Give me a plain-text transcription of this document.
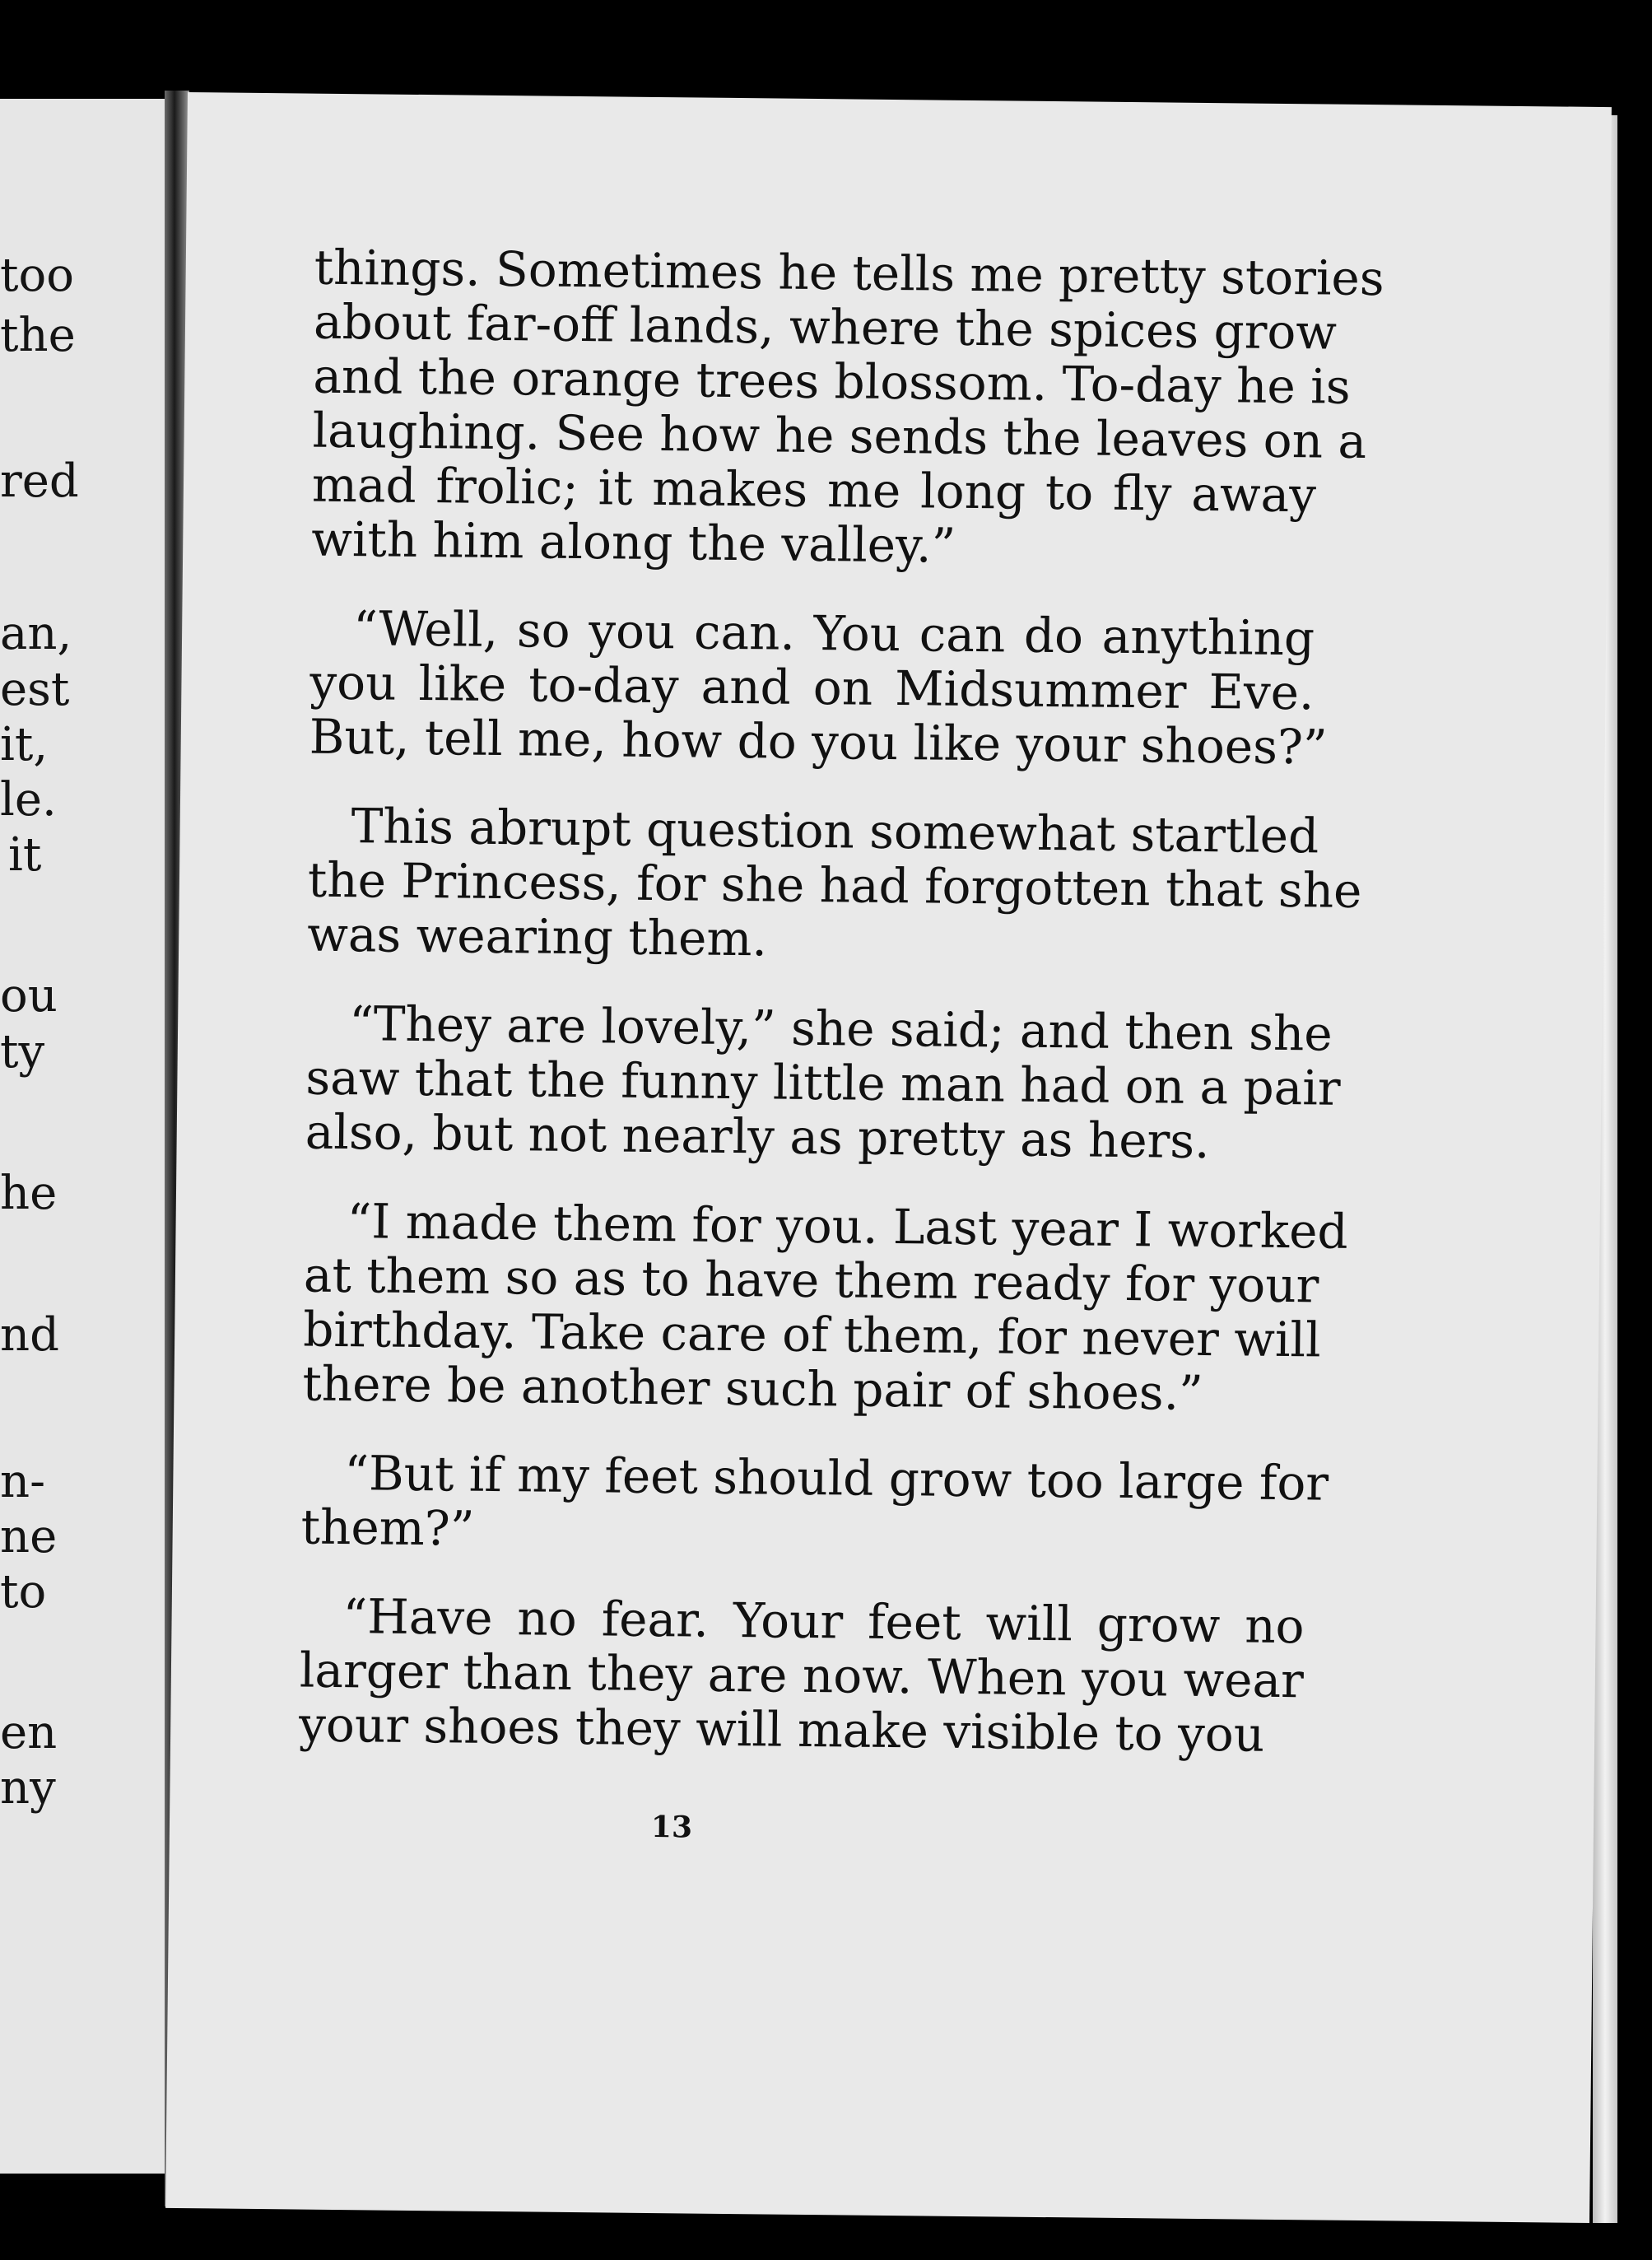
too
the
red
an,
est
it,
le.
it
ou
ty
he
nd
n-
ne
to
en
ny
things. Sometimes he tells me pretty stories
about far-off lands, where the spices grow
and the orange trees blossom. To-day he is
laughing. See how he sends the leaves on a
mad frolic; it makes me long to fly away
with him along the valley.”
“Well, so you can. You can do anything
you like to-day and on Midsummer Eve.
But, tell me, how do you like your shoes?”
This abrupt question somewhat startled
the Princess, for she had forgotten that she
was wearing them.
“They are lovely,” she said; and then she
saw that the funny little man had on a pair
also, but not nearly as pretty as hers.
“I made them for you. Last year I worked
at them so as to have them ready for your
birthday. Take care of them, for never will
there be another such pair of shoes.”
“But if my feet should grow too large for
them?”
“Have no fear. Your feet will grow no
larger than they are now. When you wear
your shoes they will make visible to you
13
